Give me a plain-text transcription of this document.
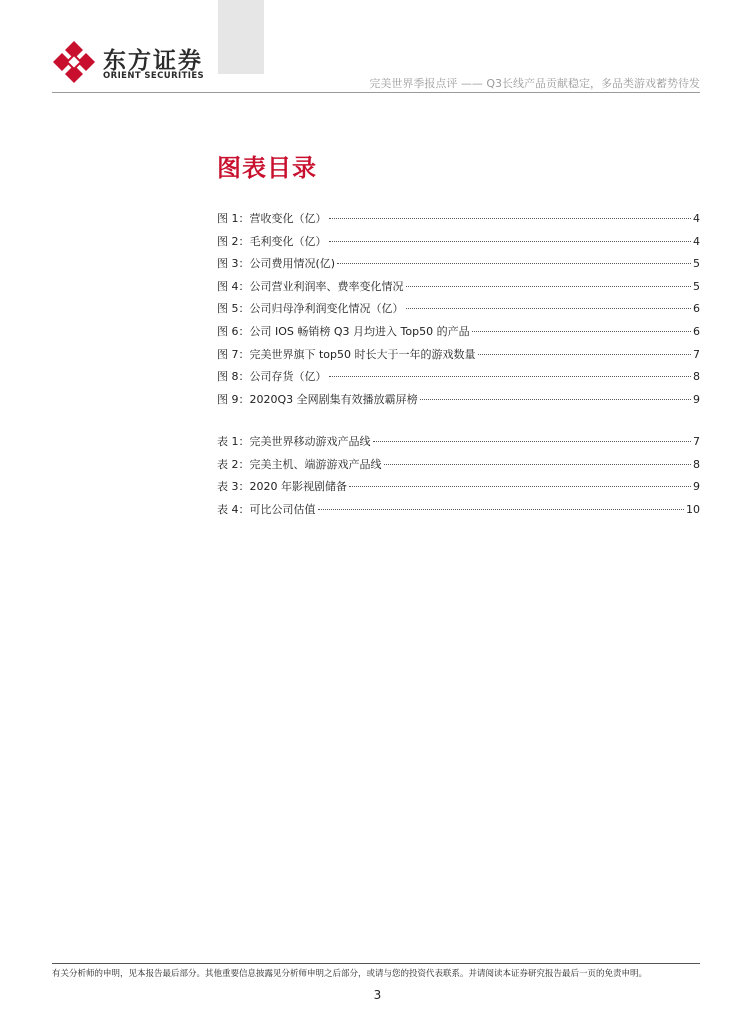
东方证券
ORIENT SECURITIES
完美世界季报点评 —— Q3长线产品贡献稳定，多品类游戏蓄势待发
图表目录
图 1：营收变化（亿）	4
图 2：毛利变化（亿）	4
图 3：公司费用情况(亿)	5
图 4：公司营业利润率、费率变化情况	5
图 5：公司归母净利润变化情况（亿）	6
图 6：公司 IOS 畅销榜 Q3 月均进入 Top50 的产品	6
图 7：完美世界旗下 top50 时长大于一年的游戏数量	7
图 8：公司存货（亿）	8
图 9：2020Q3 全网剧集有效播放霸屏榜	9
表 1：完美世界移动游戏产品线	7
表 2：完美主机、端游游戏产品线	8
表 3：2020 年影视剧储备	9
表 4：可比公司估值	10
有关分析师的申明，见本报告最后部分。其他重要信息披露见分析师申明之后部分，或请与您的投资代表联系。并请阅读本证券研究报告最后一页的免责申明。
3
